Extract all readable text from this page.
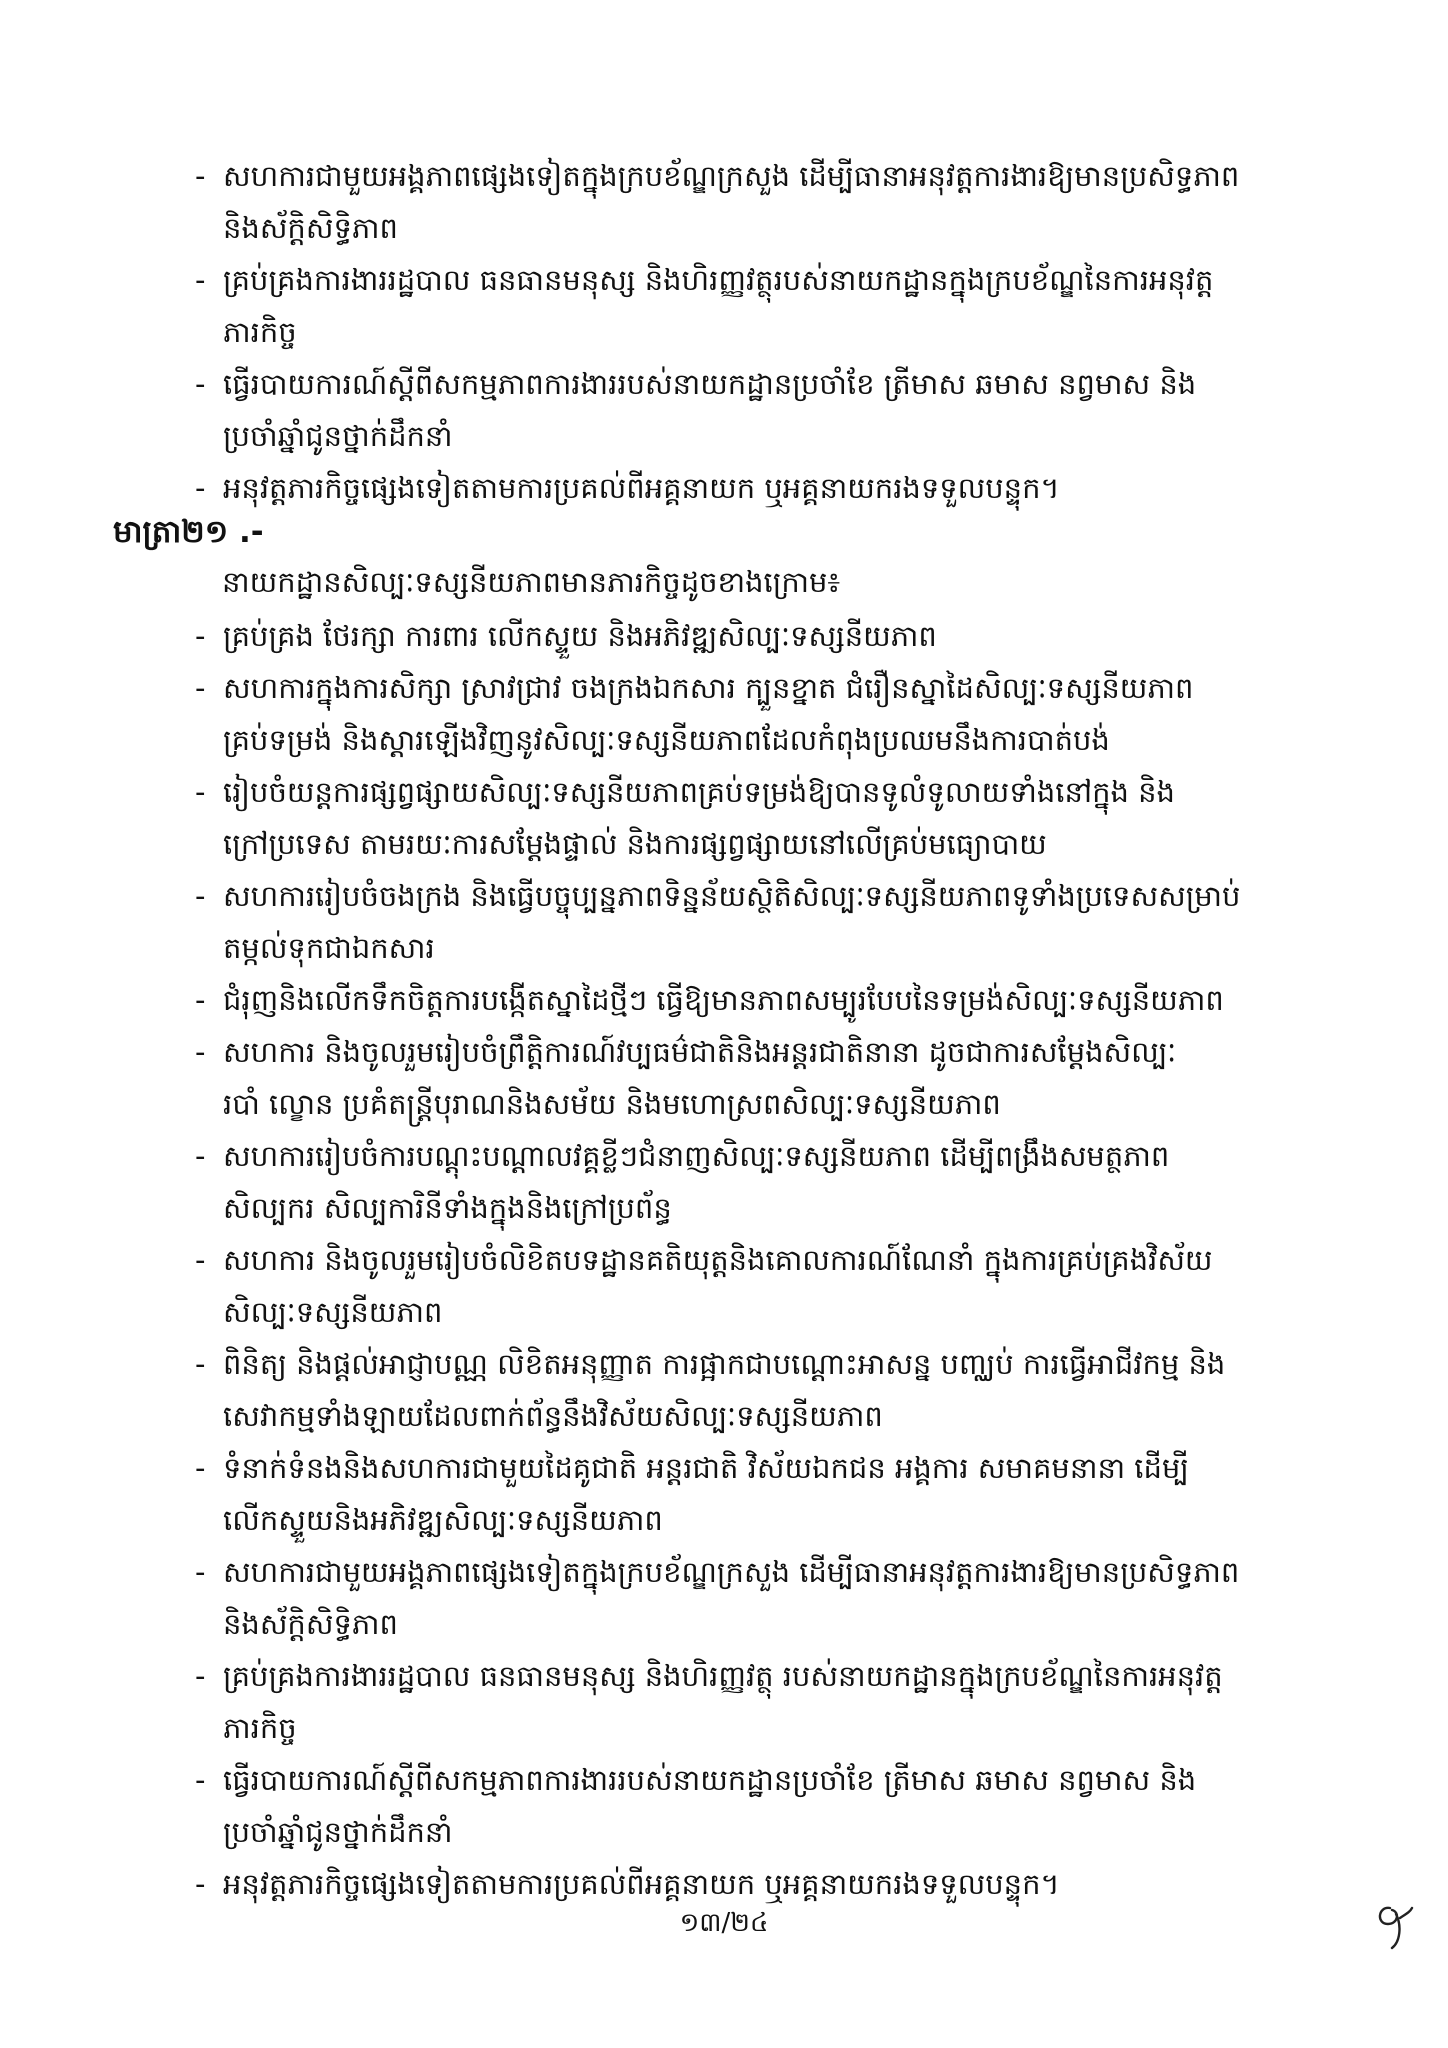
- សហការជាមួយអង្គភាពផ្សេងទៀតក្នុងក្របខ័ណ្ឌក្រសួង ដើម្បីធានាអនុវត្តការងារឱ្យមានប្រសិទ្ធភាព
និងស័ក្តិសិទ្ធិភាព
- គ្រប់គ្រងការងាររដ្ឋបាល ធនធានមនុស្ស និងហិរញ្ញវត្ថុរបស់នាយកដ្ឋានក្នុងក្របខ័ណ្ឌនៃការអនុវត្ត
ភារកិច្ច
- ធ្វើរបាយការណ៍ស្តីពីសកម្មភាពការងាររបស់នាយកដ្ឋានប្រចាំខែ ត្រីមាស ឆមាស នព្វមាស និង
ប្រចាំឆ្នាំជូនថ្នាក់ដឹកនាំ
- អនុវត្តភារកិច្ចផ្សេងទៀតតាមការប្រគល់ពីអគ្គនាយក ឬអគ្គនាយករងទទួលបន្ទុក។
មាត្រា២១ .-
នាយកដ្ឋានសិល្បៈទស្សនីយភាពមានភារកិច្ចដូចខាងក្រោម៖
- គ្រប់គ្រង ថែរក្សា ការពារ លើកស្ទួយ និងអភិវឌ្ឍសិល្បៈទស្សនីយភាព
- សហការក្នុងការសិក្សា ស្រាវជ្រាវ ចងក្រងឯកសារ ក្បួនខ្នាត ជំរឿនស្នាដៃសិល្បៈទស្សនីយភាព
គ្រប់ទម្រង់ និងស្តារឡើងវិញនូវសិល្បៈទស្សនីយភាពដែលកំពុងប្រឈមនឹងការបាត់បង់
- រៀបចំយន្តការផ្សព្វផ្សាយសិល្បៈទស្សនីយភាពគ្រប់ទម្រង់ឱ្យបានទូលំទូលាយទាំងនៅក្នុង និង
ក្រៅប្រទេស តាមរយៈការសម្តែងផ្ទាល់ និងការផ្សព្វផ្សាយនៅលើគ្រប់មធ្យោបាយ
- សហការរៀបចំចងក្រង និងធ្វើបច្ចុប្បន្នភាពទិន្នន័យស្ថិតិសិល្បៈទស្សនីយភាពទូទាំងប្រទេសសម្រាប់
តម្កល់ទុកជាឯកសារ
- ជំរុញនិងលើកទឹកចិត្តការបង្កើតស្នាដៃថ្មីៗ ធ្វើឱ្យមានភាពសម្បូរបែបនៃទម្រង់សិល្បៈទស្សនីយភាព
- សហការ និងចូលរួមរៀបចំព្រឹត្តិការណ៍វប្បធម៌ជាតិនិងអន្តរជាតិនានា ដូចជាការសម្តែងសិល្បៈ
របាំ ល្ខោន ប្រគំតន្ត្រីបុរាណនិងសម័យ និងមហោស្រពសិល្បៈទស្សនីយភាព
- សហការរៀបចំការបណ្តុះបណ្តាលវគ្គខ្លីៗជំនាញសិល្បៈទស្សនីយភាព ដើម្បីពង្រឹងសមត្ថភាព
សិល្បករ សិល្បការិនីទាំងក្នុងនិងក្រៅប្រព័ន្ធ
- សហការ និងចូលរួមរៀបចំលិខិតបទដ្ឋានគតិយុត្តនិងគោលការណ៍ណែនាំ ក្នុងការគ្រប់គ្រងវិស័យ
សិល្បៈទស្សនីយភាព
- ពិនិត្យ និងផ្តល់អាជ្ញាបណ្ណ លិខិតអនុញ្ញាត ការផ្អាកជាបណ្តោះអាសន្ន បញ្ឈប់ ការធ្វើអាជីវកម្ម និង
សេវាកម្មទាំងឡាយដែលពាក់ព័ន្ធនឹងវិស័យសិល្បៈទស្សនីយភាព
- ទំនាក់ទំនងនិងសហការជាមួយដៃគូជាតិ អន្តរជាតិ វិស័យឯកជន អង្គការ សមាគមនានា ដើម្បី
លើកស្ទួយនិងអភិវឌ្ឍសិល្បៈទស្សនីយភាព
- សហការជាមួយអង្គភាពផ្សេងទៀតក្នុងក្របខ័ណ្ឌក្រសួង ដើម្បីធានាអនុវត្តការងារឱ្យមានប្រសិទ្ធភាព
និងស័ក្តិសិទ្ធិភាព
- គ្រប់គ្រងការងាររដ្ឋបាល ធនធានមនុស្ស និងហិរញ្ញវត្ថុ របស់នាយកដ្ឋានក្នុងក្របខ័ណ្ឌនៃការអនុវត្ត
ភារកិច្ច
- ធ្វើរបាយការណ៍ស្តីពីសកម្មភាពការងាររបស់នាយកដ្ឋានប្រចាំខែ ត្រីមាស ឆមាស នព្វមាស និង
ប្រចាំឆ្នាំជូនថ្នាក់ដឹកនាំ
- អនុវត្តភារកិច្ចផ្សេងទៀតតាមការប្រគល់ពីអគ្គនាយក ឬអគ្គនាយករងទទួលបន្ទុក។
១៣/២៤
